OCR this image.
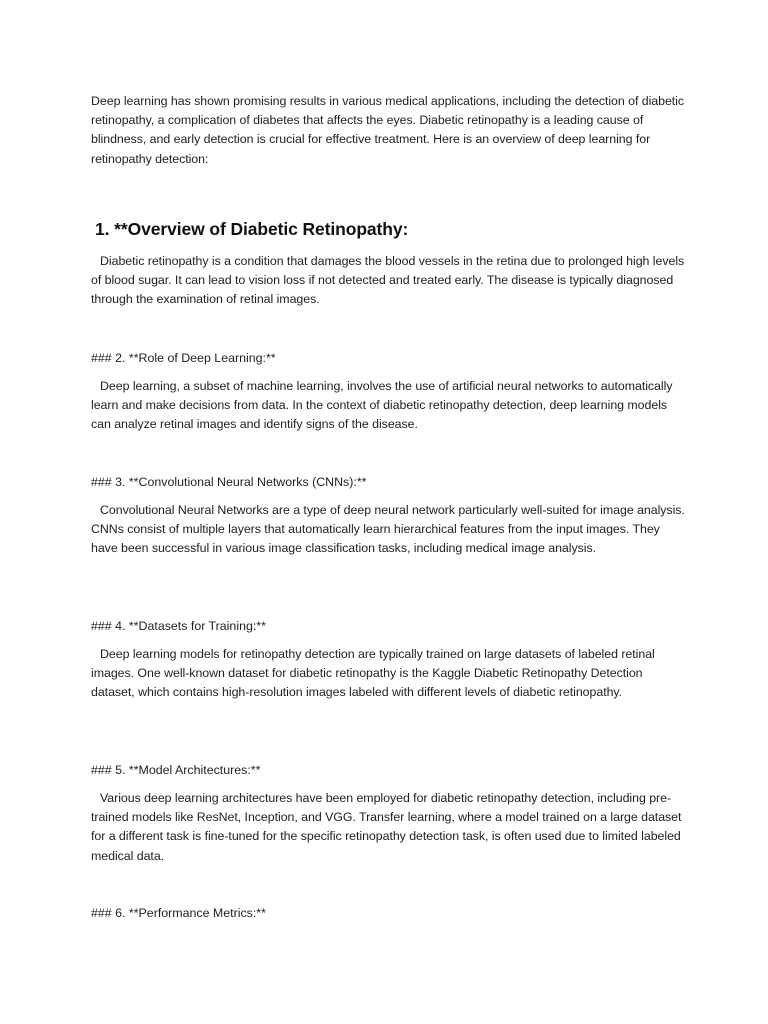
Deep learning has shown promising results in various medical applications, including the detection of diabetic retinopathy, a complication of diabetes that affects the eyes. Diabetic retinopathy is a leading cause of blindness, and early detection is crucial for effective treatment. Here is an overview of deep learning for retinopathy detection:

1. **Overview of Diabetic Retinopathy:

Diabetic retinopathy is a condition that damages the blood vessels in the retina due to prolonged high levels of blood sugar. It can lead to vision loss if not detected and treated early. The disease is typically diagnosed through the examination of retinal images.

### 2. **Role of Deep Learning:**

Deep learning, a subset of machine learning, involves the use of artificial neural networks to automatically learn and make decisions from data. In the context of diabetic retinopathy detection, deep learning models can analyze retinal images and identify signs of the disease.

### 3. **Convolutional Neural Networks (CNNs):**

Convolutional Neural Networks are a type of deep neural network particularly well-suited for image analysis. CNNs consist of multiple layers that automatically learn hierarchical features from the input images. They have been successful in various image classification tasks, including medical image analysis.

### 4. **Datasets for Training:**

Deep learning models for retinopathy detection are typically trained on large datasets of labeled retinal images. One well-known dataset for diabetic retinopathy is the Kaggle Diabetic Retinopathy Detection dataset, which contains high-resolution images labeled with different levels of diabetic retinopathy.

### 5. **Model Architectures:**

Various deep learning architectures have been employed for diabetic retinopathy detection, including pre-trained models like ResNet, Inception, and VGG. Transfer learning, where a model trained on a large dataset for a different task is fine-tuned for the specific retinopathy detection task, is often used due to limited labeled medical data.

### 6. **Performance Metrics:**
